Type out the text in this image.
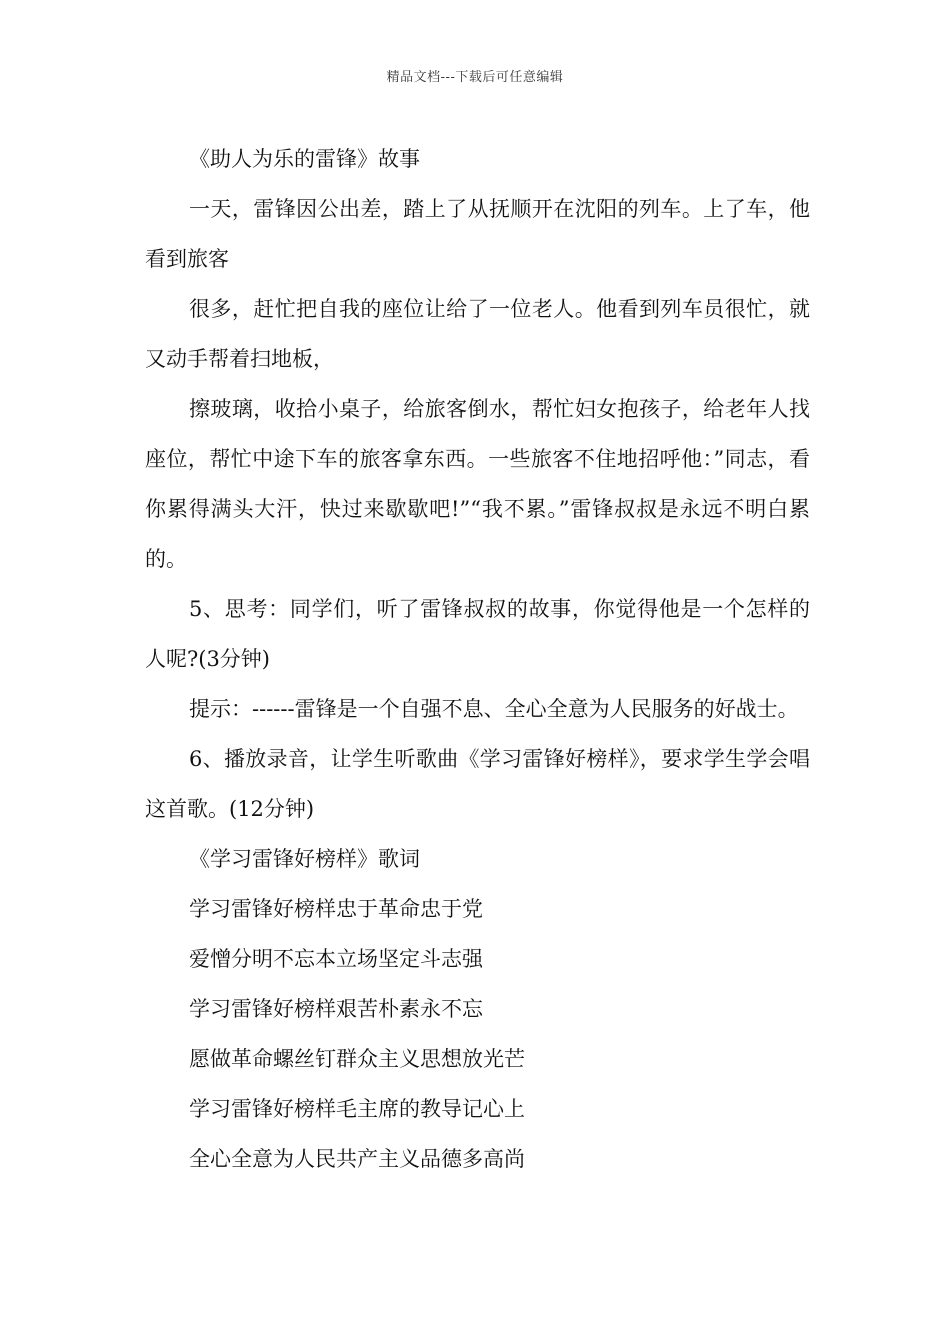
精品文档---下载后可任意编辑

《助人为乐的雷锋》故事

一天，雷锋因公出差，踏上了从抚顺开在沈阳的列车。上了车，他看到旅客

很多，赶忙把自我的座位让给了一位老人。他看到列车员很忙，就又动手帮着扫地板，

擦玻璃，收拾小桌子，给旅客倒水，帮忙妇女抱孩子，给老年人找座位，帮忙中途下车的旅客拿东西。一些旅客不住地招呼他：”同志，看你累得满头大汗，快过来歇歇吧!”“我不累。”雷锋叔叔是永远不明白累的。

5、思考：同学们，听了雷锋叔叔的故事，你觉得他是一个怎样的人呢?(3分钟)

提示：------雷锋是一个自强不息、全心全意为人民服务的好战士。

6、播放录音，让学生听歌曲《学习雷锋好榜样》，要求学生学会唱这首歌。(12分钟)

《学习雷锋好榜样》歌词

学习雷锋好榜样忠于革命忠于党

爱憎分明不忘本立场坚定斗志强

学习雷锋好榜样艰苦朴素永不忘

愿做革命螺丝钉群众主义思想放光芒

学习雷锋好榜样毛主席的教导记心上

全心全意为人民共产主义品德多高尚
